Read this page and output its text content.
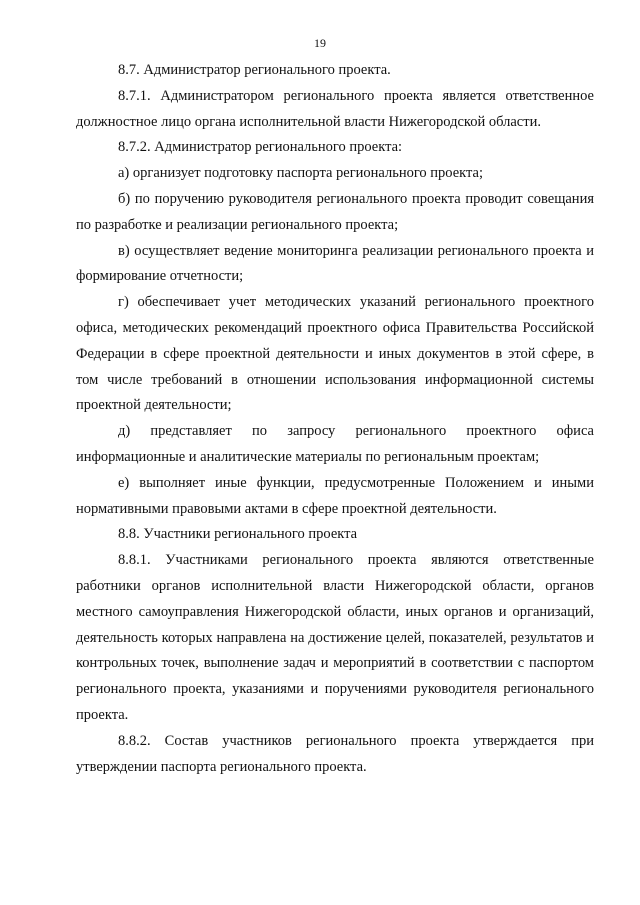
19

8.7. Администратор регионального проекта.

8.7.1. Администратором регионального проекта является ответственное должностное лицо органа исполнительной власти Нижегородской области.

8.7.2. Администратор регионального проекта:

а) организует подготовку паспорта регионального проекта;

б) по поручению руководителя регионального проекта проводит совещания по разработке и реализации регионального проекта;

в) осуществляет ведение мониторинга реализации регионального проекта и формирование отчетности;

г) обеспечивает учет методических указаний регионального проектного офиса, методических рекомендаций проектного офиса Правительства Российской Федерации в сфере проектной деятельности и иных документов в этой сфере, в том числе требований в отношении использования информационной системы проектной деятельности;

д) представляет по запросу регионального проектного офиса информационные и аналитические материалы по региональным проектам;

е) выполняет иные функции, предусмотренные Положением и иными нормативными правовыми актами в сфере проектной деятельности.

8.8. Участники регионального проекта

8.8.1. Участниками регионального проекта являются ответственные работники органов исполнительной власти Нижегородской области, органов местного самоуправления Нижегородской области, иных органов и организаций, деятельность которых направлена на достижение целей, показателей, результатов и контрольных точек, выполнение задач и мероприятий в соответствии с паспортом регионального проекта, указаниями и поручениями руководителя регионального проекта.

8.8.2. Состав участников регионального проекта утверждается при утверждении паспорта регионального проекта.
